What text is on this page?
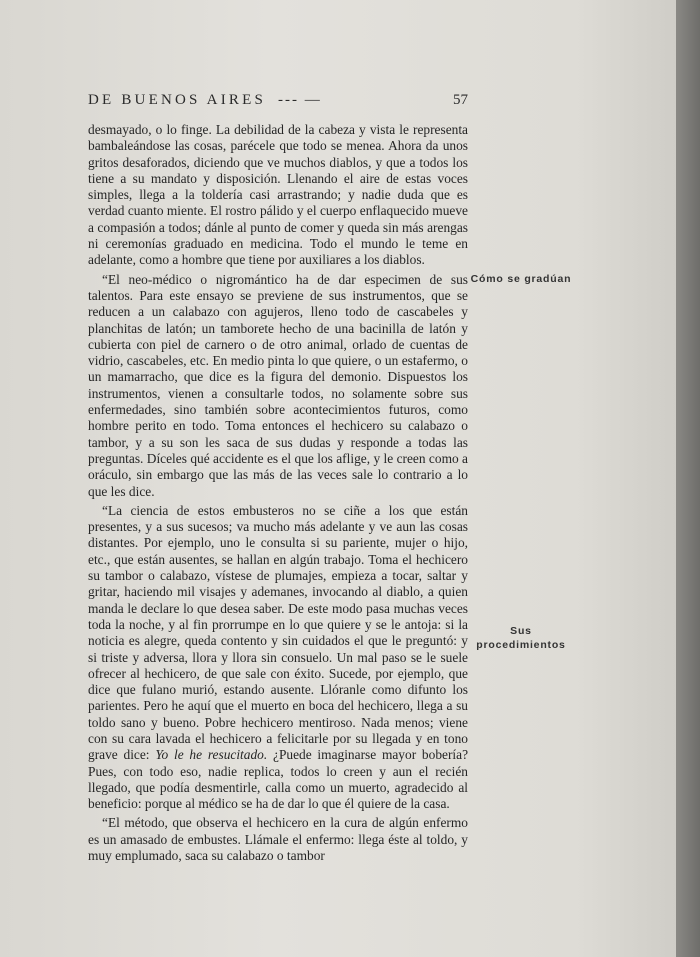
DE BUENOS AIRES --- —	57

desmayado, o lo finge. La debilidad de la cabeza y vista le representa bambaleándose las cosas, parécele que todo se menea. Ahora da unos gritos desaforados, diciendo que ve muchos diablos, y que a todos los tiene a su mandato y disposición. Llenando el aire de estas voces simples, llega a la toldería casi arrastrando; y nadie duda que es verdad cuanto miente. El rostro pálido y el cuerpo enflaquecido mueve a compasión a todos; dánle al punto de comer y queda sin más arengas ni ceremonías graduado en medicina. Todo el mundo le teme en adelante, como a hombre que tiene por auxiliares a los diablos.

“El neo-médico o nigromántico ha de dar especimen de sus talentos. Para este ensayo se previene de sus instrumentos, que se reducen a un calabazo con agujeros, lleno todo de cascabeles y planchitas de latón; un tamborete hecho de una bacinilla de latón y cubierta con piel de carnero o de otro animal, orlado de cuentas de vidrio, cascabeles, etc. En medio pinta lo que quiere, o un estafermo, o un mamarracho, que dice es la figura del demonio. Dispuestos los instrumentos, vienen a consultarle todos, no solamente sobre sus enfermedades, sino también sobre acontecimientos futuros, como hombre perito en todo. Toma entonces el hechicero su calabazo o tambor, y a su son les saca de sus dudas y responde a todas las preguntas. Díceles qué accidente es el que los aflige, y le creen como a oráculo, sin embargo que las más de las veces sale lo contrario a lo que les dice.

“La ciencia de estos embusteros no se ciñe a los que están presentes, y a sus sucesos; va mucho más adelante y ve aun las cosas distantes. Por ejemplo, uno le consulta si su pariente, mujer o hijo, etc., que están ausentes, se hallan en algún trabajo. Toma el hechicero su tambor o calabazo, vístese de plumajes, empieza a tocar, saltar y gritar, haciendo mil visajes y ademanes, invocando al diablo, a quien manda le declare lo que desea saber. De este modo pasa muchas veces toda la noche, y al fin prorrumpe en lo que quiere y se le antoja: si la noticia es alegre, queda contento y sin cuidados el que le preguntó: y si triste y adversa, llora y llora sin consuelo. Un mal paso se le suele ofrecer al hechicero, de que sale con éxito. Sucede, por ejemplo, que dice que fulano murió, estando ausente. Llóranle como difunto los parientes. Pero he aquí que el muerto en boca del hechicero, llega a su toldo sano y bueno. Pobre hechicero mentiroso. Nada menos; viene con su cara lavada el hechicero a felicitarle por su llegada y en tono grave dice: Yo le he resucitado. ¿Puede imaginarse mayor bobería? Pues, con todo eso, nadie replica, todos lo creen y aun el recién llegado, que podía desmentirle, calla como un muerto, agradecido al beneficio: porque al médico se ha de dar lo que él quiere de la casa.

“El método, que observa el hechicero en la cura de algún enfermo es un amasado de embustes. Llámale el enfermo: llega éste al toldo, y muy emplumado, saca su calabazo o tambor

Cómo se gradúan
Sus procedimientos
